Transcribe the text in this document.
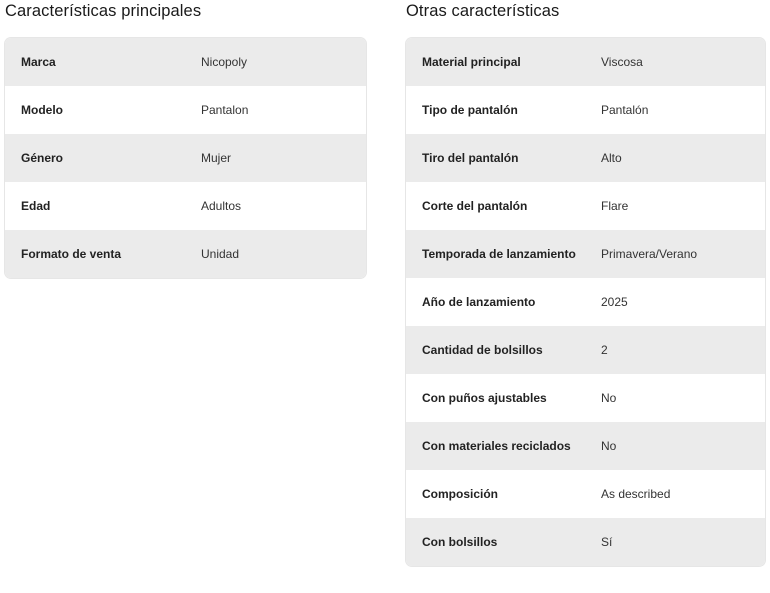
Características principales
Marca	Nicopoly
Modelo	Pantalon
Género	Mujer
Edad	Adultos
Formato de venta	Unidad
Otras características
Material principal	Viscosa
Tipo de pantalón	Pantalón
Tiro del pantalón	Alto
Corte del pantalón	Flare
Temporada de lanzamiento	Primavera/Verano
Año de lanzamiento	2025
Cantidad de bolsillos	2
Con puños ajustables	No
Con materiales reciclados	No
Composición	As described
Con bolsillos	Sí
